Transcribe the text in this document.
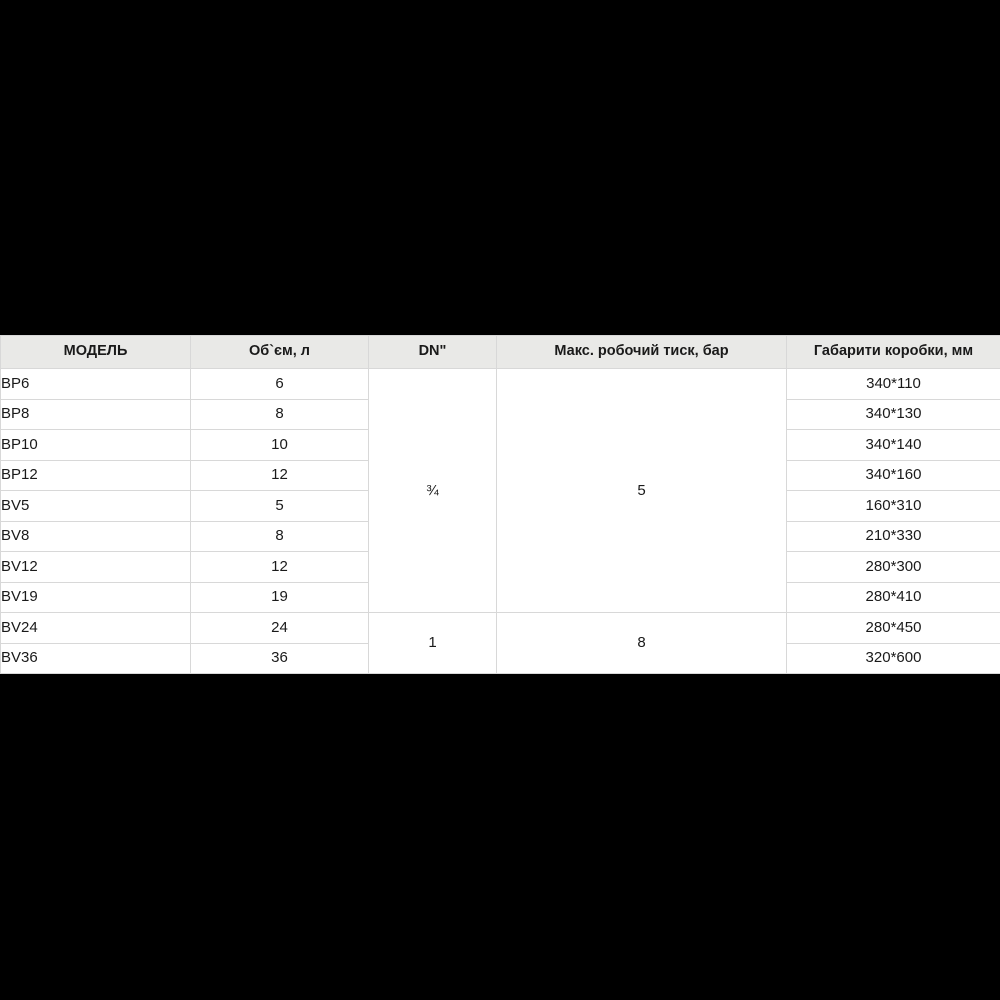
МОДЕЛЬ	Об`єм, л	DN"	Макс. робочий тиск, бар	Габарити коробки, мм

BP6	6	¾	5	340*110
BP8	8			340*130
BP10	10			340*140
BP12	12			340*160
BV5	5			160*310
BV8	8			210*330
BV12	12			280*300
BV19	19			280*410
BV24	24	1	8	280*450
BV36	36			320*600
